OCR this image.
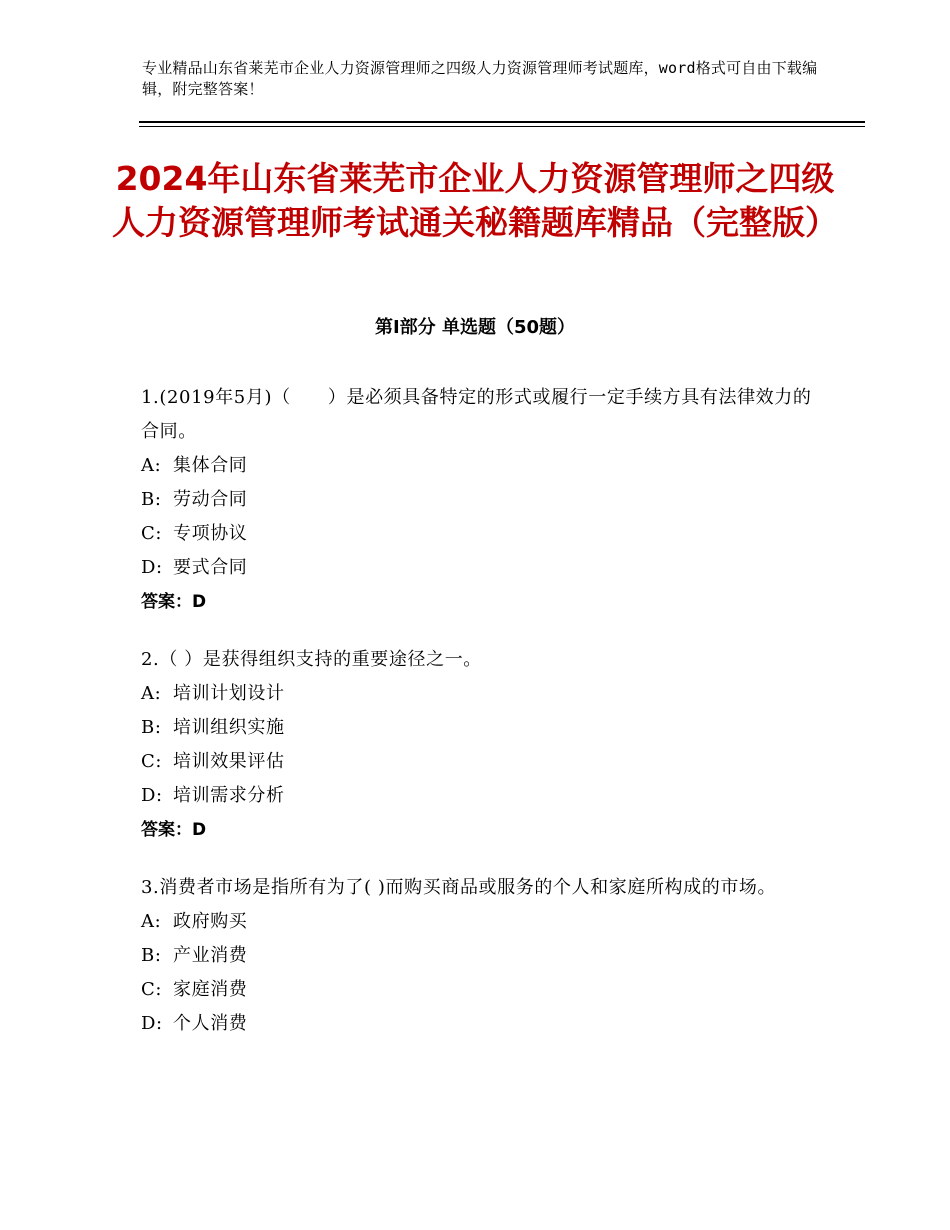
专业精品山东省莱芜市企业人力资源管理师之四级人力资源管理师考试题库，word格式可自由下载编辑，附完整答案！
2024年山东省莱芜市企业人力资源管理师之四级人力资源管理师考试通关秘籍题库精品（完整版）
第Ⅰ部分 单选题（50题）
1.(2019年5月)（　　）是必须具备特定的形式或履行一定手续方具有法律效力的合同。
A: 集体合同
B: 劳动合同
C: 专项协议
D: 要式合同
答案：D
2.（ ）是获得组织支持的重要途径之一。
A: 培训计划设计
B: 培训组织实施
C: 培训效果评估
D: 培训需求分析
答案：D
3.消费者市场是指所有为了( )而购买商品或服务的个人和家庭所构成的市场。
A: 政府购买
B: 产业消费
C: 家庭消费
D: 个人消费
